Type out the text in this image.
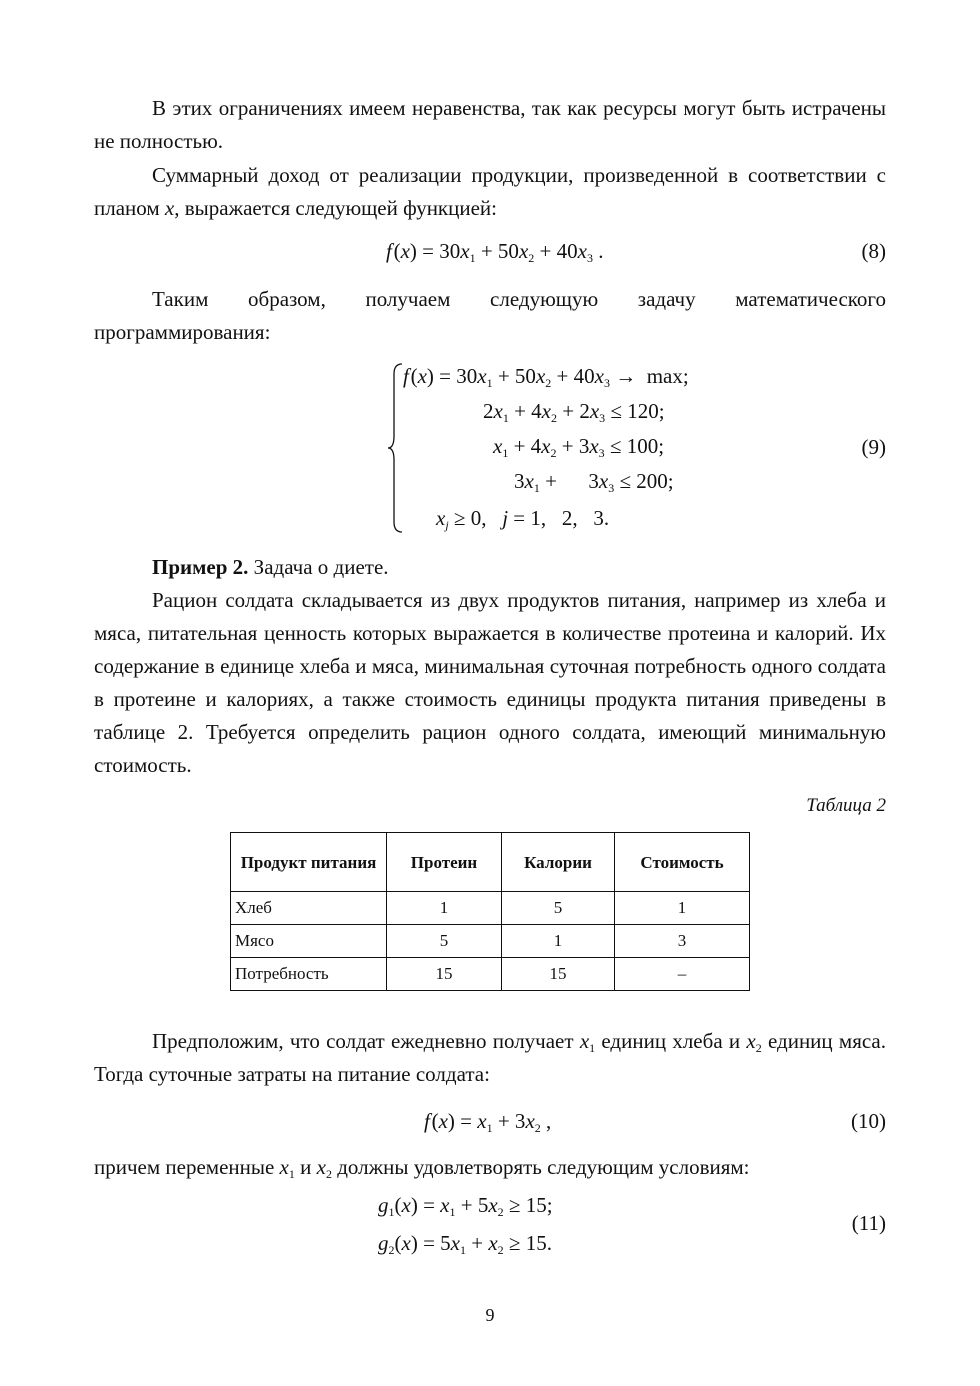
В этих ограничениях имеем неравенства, так как ресурсы могут быть истрачены не полностью.

Суммарный доход от реализации продукции, произведенной в соответствии с планом x, выражается следующей функцией:

f $(x) = 30x_1 + 50x_2 + 40x_3$ .	(8)

Таким образом, получаем следующую задачу математического программирования:

f $(x) = 30x_1 + 50x_2 + 40x_3 \to \max$;
$2x_1 + 4x_2 + 2x_3 \le 120$;
$x_1 + 4x_2 + 3x_3 \le 100$;
$3x_1$ +      $3x_3 \le 200$;
$x_j \ge 0$,   j = 1,   2,   3.
(9)

Пример 2. Задача о диете.

Рацион солдата складывается из двух продуктов питания, например из хлеба и мяса, питательная ценность которых выражается в количестве протеина и калорий. Их содержание в единице хлеба и мяса, минимальная суточная потребность одного солдата в протеине и калориях, а также стоимость единицы продукта питания приведены в таблице 2. Требуется определить рацион одного солдата, имеющий минимальную стоимость.

Таблица 2
Продукт питания	Протеин	Калории	Стоимость
Хлеб	1	5	1
Мясо	5	1	3
Потребность	15	15	–

Предположим, что солдат ежедневно получает $x_1$ единиц хлеба и $x_2$ единиц мяса. Тогда суточные затраты на питание солдата:

f $(x) = x_1 + 3x_2$ ,	(10)

причем переменные $x_1$ и $x_2$ должны удовлетворять следующим условиям:

$g_1(x) = x_1 + 5x_2 \ge 15$;
$g_2(x) = 5x_1 + x_2 \ge 15$.
(11)
9
